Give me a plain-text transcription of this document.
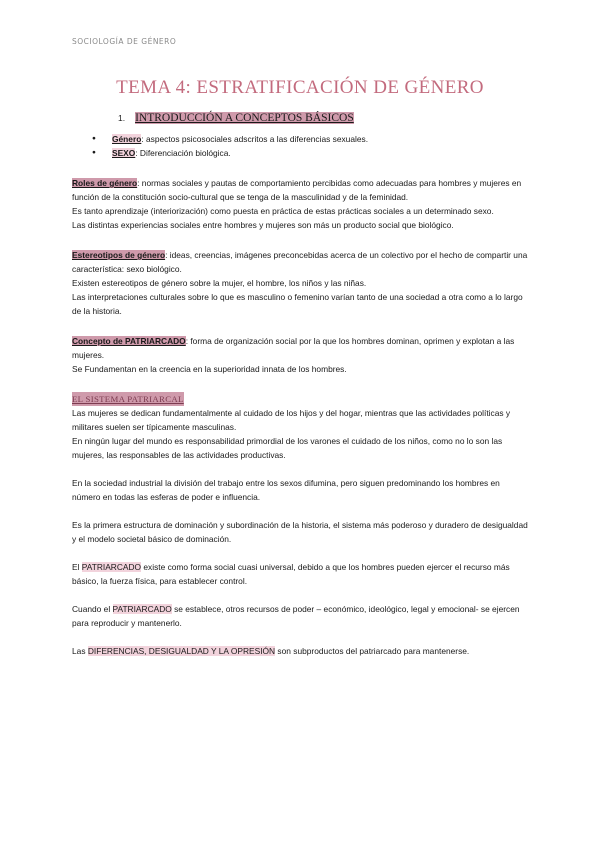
SOCIOLOGÍA DE GÉNERO
TEMA 4: ESTRATIFICACIÓN DE GÉNERO
1. INTRODUCCIÓN A CONCEPTOS BÁSICOS
● Género: aspectos psicosociales adscritos a las diferencias sexuales.
● SEXO: Diferenciación biológica.

Roles de género: normas sociales y pautas de comportamiento percibidas como adecuadas para hombres y mujeres en función de la constitución socio-cultural que se tenga de la masculinidad y de la feminidad.

Es tanto aprendizaje (interiorización) como puesta en práctica de estas prácticas sociales a un determinado sexo.

Las distintas experiencias sociales entre hombres y mujeres son más un producto social que biológico.

Estereotipos de género: ideas, creencias, imágenes preconcebidas acerca de un colectivo por el hecho de compartir una característica: sexo biológico.

Existen estereotipos de género sobre la mujer, el hombre, los niños y las niñas.

Las interpretaciones culturales sobre lo que es masculino o femenino varían tanto de una sociedad a otra como a lo largo de la historia.

Concepto de PATRIARCADO: forma de organización social por la que los hombres dominan, oprimen y explotan a las mujeres.

Se Fundamentan en la creencia en la superioridad innata de los hombres.

EL SISTEMA PATRIARCAL

Las mujeres se dedican fundamentalmente al cuidado de los hijos y del hogar, mientras que las actividades políticas y militares suelen ser típicamente masculinas.

En ningún lugar del mundo es responsabilidad primordial de los varones el cuidado de los niños, como no lo son las mujeres, las responsables de las actividades productivas.

En la sociedad industrial la división del trabajo entre los sexos difumina, pero siguen predominando los hombres en número en todas las esferas de poder e influencia.

Es la primera estructura de dominación y subordinación de la historia, el sistema más poderoso y duradero de desigualdad y el modelo societal básico de dominación.

El PATRIARCADO existe como forma social cuasi universal, debido a que los hombres pueden ejercer el recurso más básico, la fuerza física, para establecer control.

Cuando el PATRIARCADO se establece, otros recursos de poder – económico, ideológico, legal y emocional- se ejercen para reproducir y mantenerlo.

Las DIFERENCIAS, DESIGUALDAD Y LA OPRESIÓN son subproductos del patriarcado para mantenerse.
